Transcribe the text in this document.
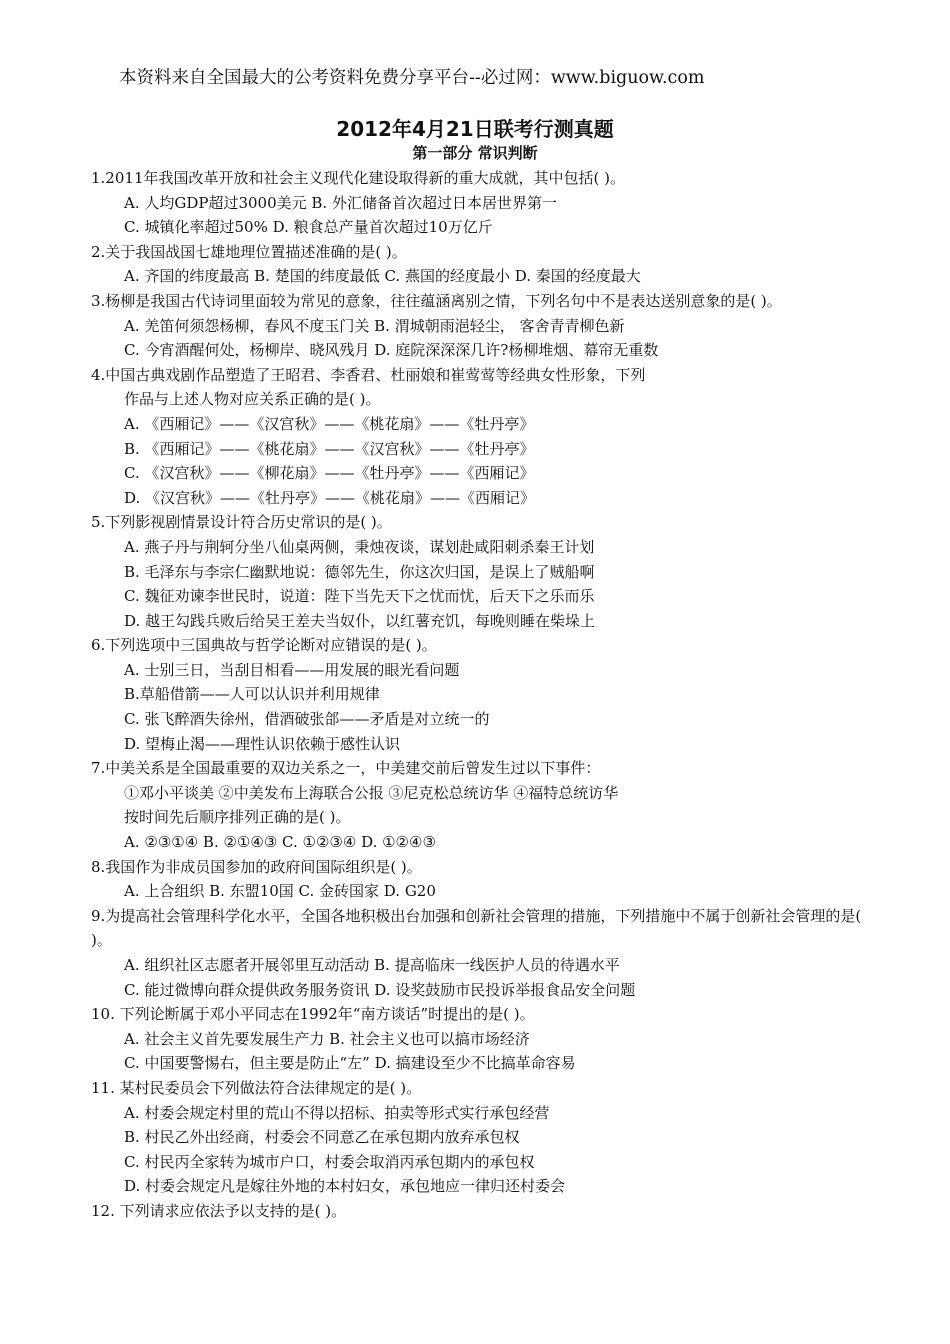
本资料来自全国最大的公考资料免费分享平台--必过网：www.biguow.com
2012年4月21日联考行测真题
第一部分 常识判断
1.2011年我国改革开放和社会主义现代化建设取得新的重大成就，其中包括( )。
A. 人均GDP超过3000美元 B. 外汇储备首次超过日本居世界第一
C. 城镇化率超过50% D. 粮食总产量首次超过10万亿斤
2.关于我国战国七雄地理位置描述准确的是( )。
A. 齐国的纬度最高 B. 楚国的纬度最低 C. 燕国的经度最小 D. 秦国的经度最大
3.杨柳是我国古代诗词里面较为常见的意象，往往蕴涵离别之情，下列名句中不是表达送别意象的是( )。
A. 羌笛何须怨杨柳，春风不度玉门关 B. 渭城朝雨浥轻尘， 客舍青青柳色新
C. 今宵酒醒何处，杨柳岸、晓风残月 D. 庭院深深深几许?杨柳堆烟、幕帘无重数
4.中国古典戏剧作品塑造了王昭君、李香君、杜丽娘和崔莺莺等经典女性形象，下列
作品与上述人物对应关系正确的是( )。
A. 《西厢记》——《汉宫秋》——《桃花扇》——《牡丹亭》
B. 《西厢记》——《桃花扇》——《汉宫秋》——《牡丹亭》
C. 《汉宫秋》——《柳花扇》——《牡丹亭》——《西厢记》
D. 《汉宫秋》——《牡丹亭》——《桃花扇》——《西厢记》
5.下列影视剧情景设计符合历史常识的是( )。
A. 燕子丹与荆轲分坐八仙桌两侧，秉烛夜谈，谋划赴咸阳刺杀秦王计划
B. 毛泽东与李宗仁幽默地说：德邻先生，你这次归国，是误上了贼船啊
C. 魏征劝谏李世民时，说道：陛下当先天下之忧而忧，后天下之乐而乐
D. 越王勾践兵败后给吴王差夫当奴仆，以红薯充饥，每晚则睡在柴垛上
6.下列选项中三国典故与哲学论断对应错误的是( )。
A. 士别三日，当刮目相看——用发展的眼光看问题
B.草船借箭——人可以认识并利用规律
C. 张飞醉酒失徐州，借酒破张郃——矛盾是对立统一的
D. 望梅止渴——理性认识依赖于感性认识
7.中美关系是全国最重要的双边关系之一，中美建交前后曾发生过以下事件：
①邓小平谈美 ②中美发布上海联合公报 ③尼克松总统访华 ④福特总统访华
按时间先后顺序排列正确的是( )。
A. ②③①④ B. ②①④③ C. ①②③④ D. ①②④③
8.我国作为非成员国参加的政府间国际组织是( )。
A. 上合组织 B. 东盟10国 C. 金砖国家 D. G20
9.为提高社会管理科学化水平，全国各地积极出台加强和创新社会管理的措施，下列措施中不属于创新社会管理的是( )。
A. 组织社区志愿者开展邻里互动活动 B. 提高临床一线医护人员的待遇水平
C. 能过微博向群众提供政务服务资讯 D. 设奖鼓励市民投诉举报食品安全问题
10. 下列论断属于邓小平同志在1992年“南方谈话”时提出的是( )。
A. 社会主义首先要发展生产力 B. 社会主义也可以搞市场经济
C. 中国要警惕右，但主要是防止“左” D. 搞建设至少不比搞革命容易
11. 某村民委员会下列做法符合法律规定的是( )。
A. 村委会规定村里的荒山不得以招标、拍卖等形式实行承包经营
B. 村民乙外出经商，村委会不同意乙在承包期内放弃承包权
C. 村民丙全家转为城市户口，村委会取消丙承包期内的承包权
D. 村委会规定凡是嫁往外地的本村妇女，承包地应一律归还村委会
12. 下列请求应依法予以支持的是( )。
